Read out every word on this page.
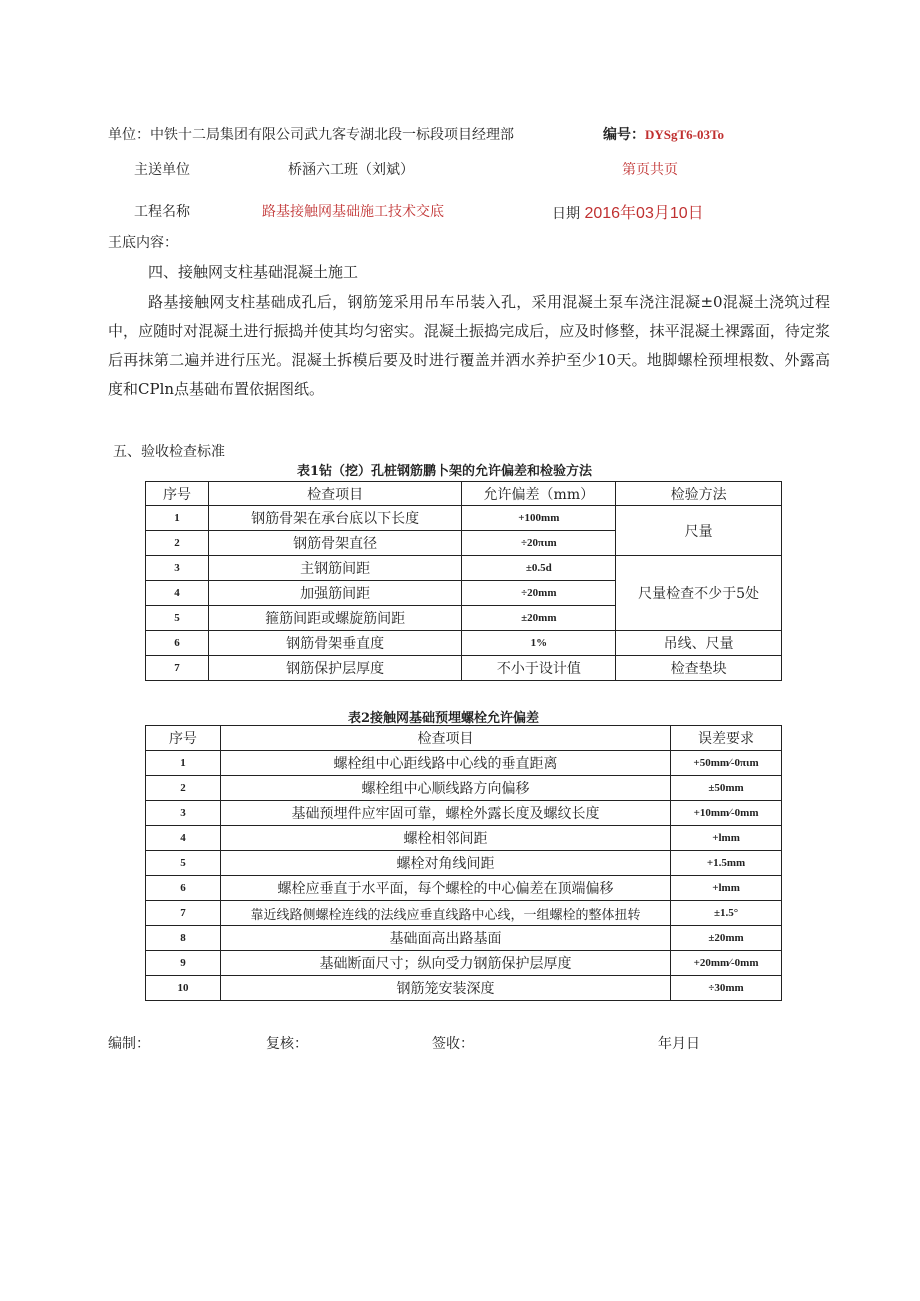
单位：中铁十二局集团有限公司武九客专湖北段一标段项目经理部	编号：DYSgT6-03To
主送单位	桥涵六工班（刘斌）	第页共页
工程名称	路基接触网基础施工技术交底	日期 2016年03月10日
王底内容：
四、接触网支柱基础混凝土施工
路基接触网支柱基础成孔后，钢筋笼采用吊车吊装入孔，采用混凝土泵车浇注混凝±0混凝土浇筑过程中，应随时对混凝土进行振捣并使其均匀密实。混凝土振捣完成后，应及时修整，抹平混凝土裸露面，待定浆后再抹第二遍并进行压光。混凝土拆模后要及时进行覆盖并洒水养护至少10天。地脚螺栓预埋根数、外露高度和CPln点基础布置依据图纸。
五、验收检查标准
表1钻（挖）孔桩钢筋鹏卜架的允许偏差和检验方法
序号	检查项目	允许偏差（mm）	检验方法
1	钢筋骨架在承台底以下长度	+100mm	尺量
2	钢筋骨架直径	÷20πιm	
3	主钢筋间距	±0.5d	尺量检查不少于5处
4	加强筋间距	÷20mm	
5	箍筋间距或螺旋筋间距	±20mm	
6	钢筋骨架垂直度	1%	吊线、尺量
7	钢筋保护层厚度	不小于设计值	检查垫块
表2接触网基础预埋螺栓允许偏差
序号	检查项目	误差要求
1	螺栓组中心距线路中心线的垂直距离	+50mm∕-0πιm
2	螺栓组中心顺线路方向偏移	±50mm
3	基础预埋件应牢固可靠，螺栓外露长度及螺纹长度	+10mm∕-0mm
4	螺栓相邻间距	+lmm
5	螺栓对角线间距	+1.5mm
6	螺栓应垂直于水平面，每个螺栓的中心偏差在顶端偏移	+lmm
7	靠近线路侧螺栓连线的法线应垂直线路中心线，一组螺栓的整体扭转	±1.5°
8	基础面高出路基面	±20mm
9	基础断面尺寸；纵向受力钢筋保护层厚度	+20mm∕-0mm
10	钢筋笼安装深度	÷30mm
编制：	复核：	签收：	年月日
